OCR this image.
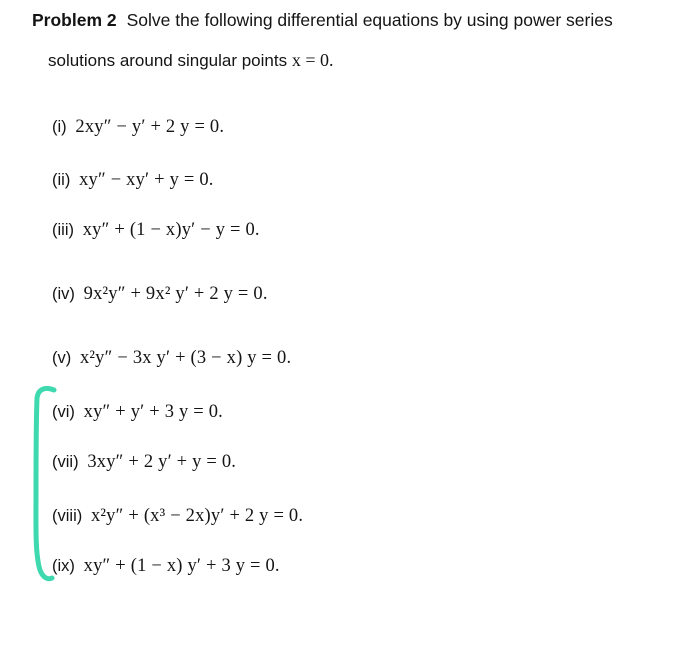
Problem 2 Solve the following differential equations by using power series
solutions around singular points x = 0.
(i) 2xy″ − y′ + 2 y = 0.
(ii) xy″ − xy′ + y = 0.
(iii) xy″ + (1 − x)y′ − y = 0.
(iv) 9x²y″ + 9x² y′ + 2 y = 0.
(v) x²y″ − 3x y′ + (3 − x) y = 0.
(vi) xy″ + y′ + 3 y = 0.
(vii) 3xy″ + 2 y′ + y = 0.
(viii) x²y″ + (x³ − 2x)y′ + 2 y = 0.
(ix) xy″ + (1 − x) y′ + 3 y = 0.
